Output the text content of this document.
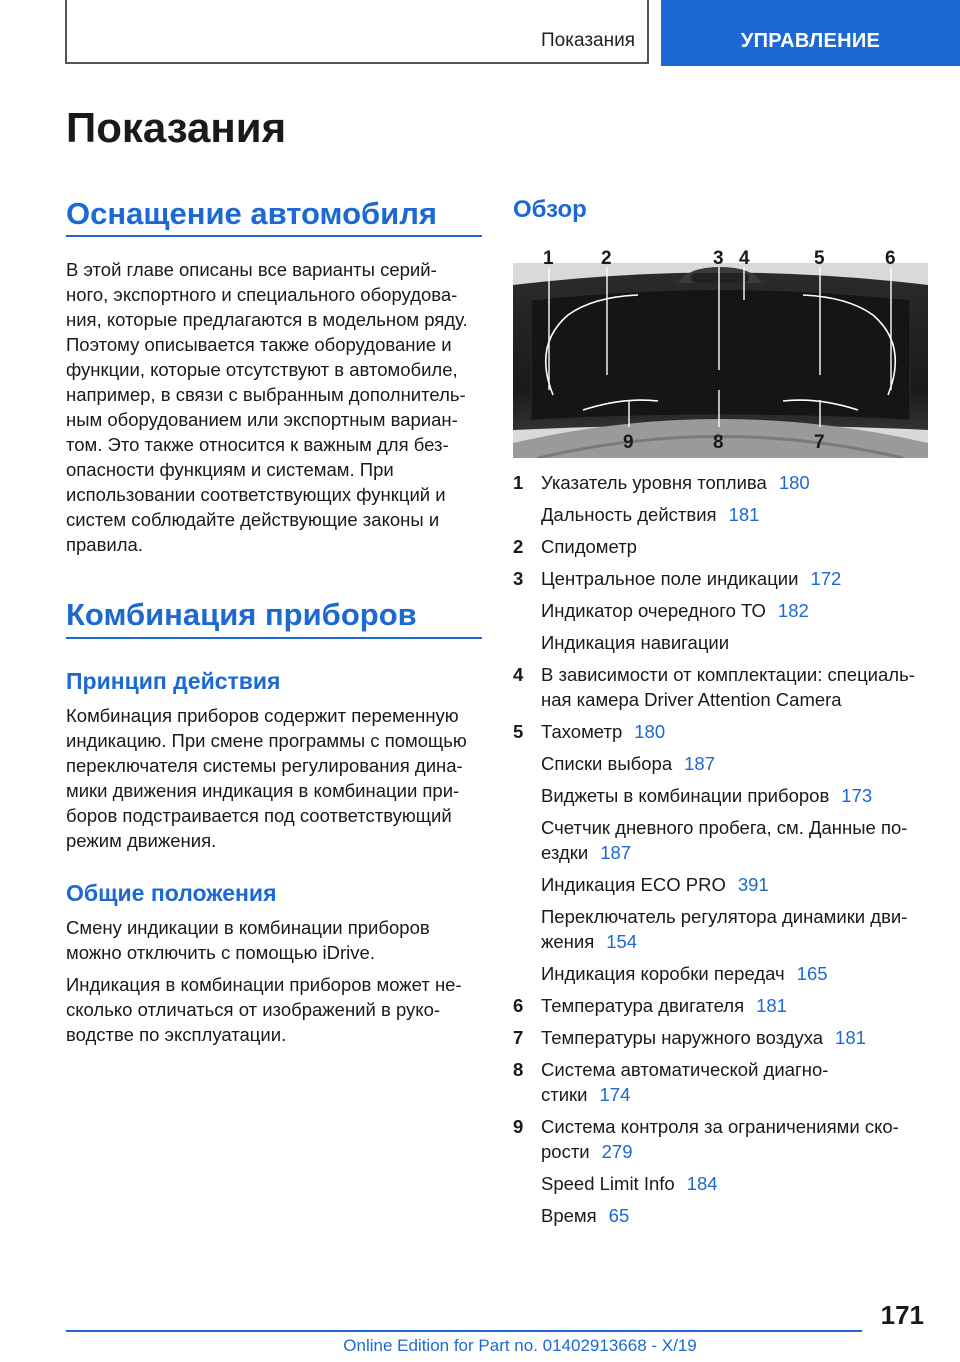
Показания	УПРАВЛЕНИЕ
Показания
Оснащение автомобиля
В этой главе описаны все варианты серий-
ного, экспортного и специального оборудова-
ния, которые предлагаются в модельном ряду.
Поэтому описывается также оборудование и
функции, которые отсутствуют в автомобиле,
например, в связи с выбранным дополнитель-
ным оборудованием или экспортным вариан-
том. Это также относится к важным для без-
опасности функциям и системам. При
использовании соответствующих функций и
систем соблюдайте действующие законы и
правила.
Комбинация приборов
Принцип действия
Комбинация приборов содержит переменную
индикацию. При смене программы с помощью
переключателя системы регулирования дина-
мики движения индикация в комбинации при-
боров подстраивается под соответствующий
режим движения.
Общие положения
Смену индикации в комбинации приборов
можно отключить с помощью iDrive.
Индикация в комбинации приборов может не-
сколько отличаться от изображений в руко-
водстве по эксплуатации.
Обзор
1 2	3 4	5	6
9	8	7
1 Указатель уровня топлива 180
Дальность действия 181
2 Спидометр
3 Центральное поле индикации 172
Индикатор очередного ТО 182
Индикация навигации
4 В зависимости от комплектации: специаль-
ная камера Driver Attention Camera
5 Тахометр 180
Списки выбора 187
Виджеты в комбинации приборов 173
Счетчик дневного пробега, см. Данные по-
ездки 187
Индикация ECO PRO 391
Переключатель регулятора динамики дви-
жения 154
Индикация коробки передач 165
6 Температура двигателя 181
7 Температуры наружного воздуха 181
8 Система автоматической диагно-
стики 174
9 Система контроля за ограничениями ско-
рости 279
Speed Limit Info 184
Время 65
171
Online Edition for Part no. 01402913668 - X/19
